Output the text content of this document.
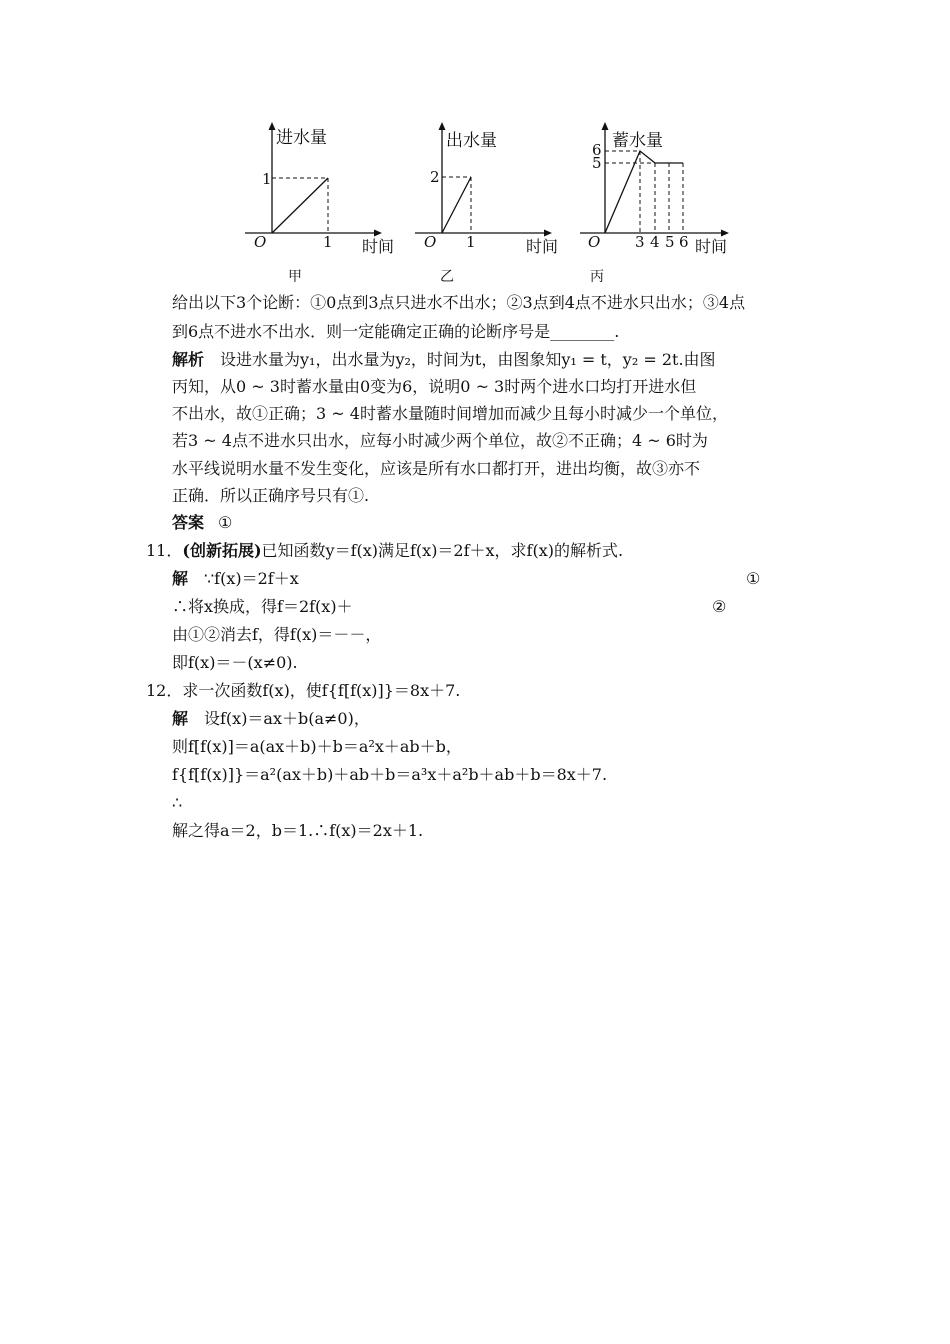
进水量
O
1
1 时间
甲
出水量
O
2
1	时间
乙
蓄水量
O
6
5
3 4 5 6 时间
丙
给出以下3个论断：①0点到3点只进水不出水；②3点到4点不进水只出水；③4点
到6点不进水不出水．则一定能确定正确的论断序号是________.
解析 设进水量为y₁，出水量为y₂，时间为t，由图象知y₁ = t，y₂ = 2t.由图
丙知，从0 ~ 3时蓄水量由0变为6，说明0 ~ 3时两个进水口均打开进水但
不出水，故①正确；3 ~ 4时蓄水量随时间增加而减少且每小时减少一个单位，
若3 ~ 4点不进水只出水，应每小时减少两个单位，故②不正确；4 ~ 6时为
水平线说明水量不发生变化，应该是所有水口都打开，进出均衡，故③亦不
正确．所以正确序号只有①.
答案 ①
11．(创新拓展)已知函数y＝f(x)满足f(x)＝2f＋x，求f(x)的解析式.
解 ∵f(x)＝2f＋x	①
∴将x换成，得f＝2f(x)＋	②
由①②消去f，得f(x)＝－－，
即f(x)＝－(x≠0).
12．求一次函数f(x)，使f{f[f(x)]}＝8x＋7.
解 设f(x)＝ax＋b(a≠0)，
则f[f(x)]＝a(ax＋b)＋b＝a²x＋ab＋b，
f{f[f(x)]}＝a²(ax＋b)＋ab＋b＝a³x＋a²b＋ab＋b＝8x＋7.
∴
解之得a＝2，b＝1.∴f(x)＝2x＋1.
